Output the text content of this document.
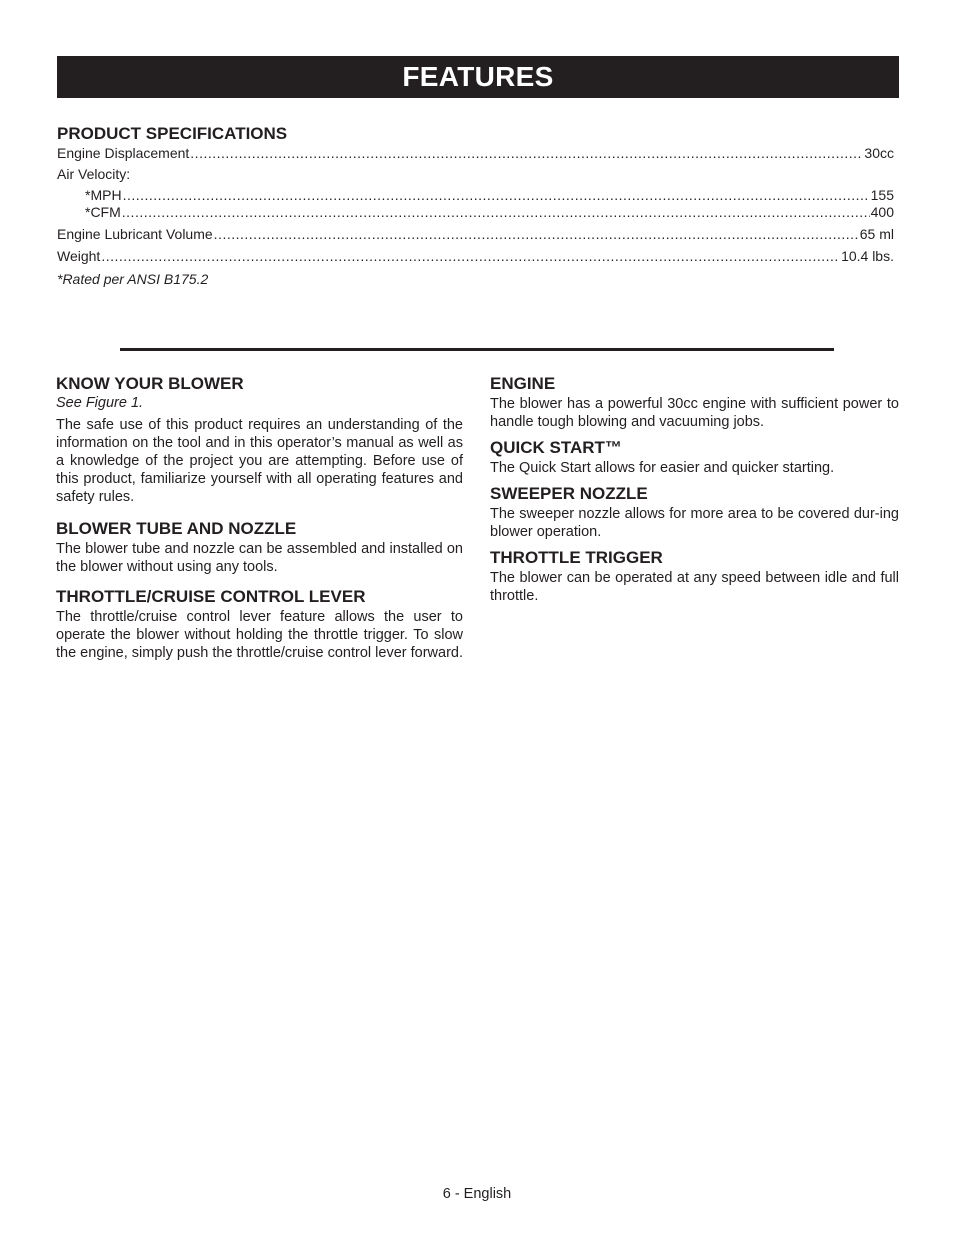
FEATURES
PRODUCT SPECIFICATIONS
Engine Displacement .....	30cc
Air Velocity:
*MPH .....	155
*CFM .....	400
Engine Lubricant Volume .....	65 ml
Weight .....	10.4 lbs.
*Rated per ANSI B175.2
KNOW YOUR BLOWER
See Figure 1.

The safe use of this product requires an understanding of the information on the tool and in this operator’s manual as well as a knowledge of the project you are attempting. Before use of this product, familiarize yourself with all operating features and safety rules.

BLOWER TUBE AND NOZZLE

The blower tube and nozzle can be assembled and installed on the blower without using any tools.

THROTTLE/CRUISE CONTROL LEVER

The throttle/cruise control lever feature allows the user to operate the blower without holding the throttle trigger. To slow the engine, simply push the throttle/cruise control lever forward.

ENGINE

The blower has a powerful 30cc engine with sufficient power to handle tough blowing and vacuuming jobs.

QUICK START™

The Quick Start allows for easier and quicker starting.

SWEEPER NOZZLE

The sweeper nozzle allows for more area to be covered dur-ing blower operation.

THROTTLE TRIGGER

The blower can be operated at any speed between idle and full throttle.

6 - English
